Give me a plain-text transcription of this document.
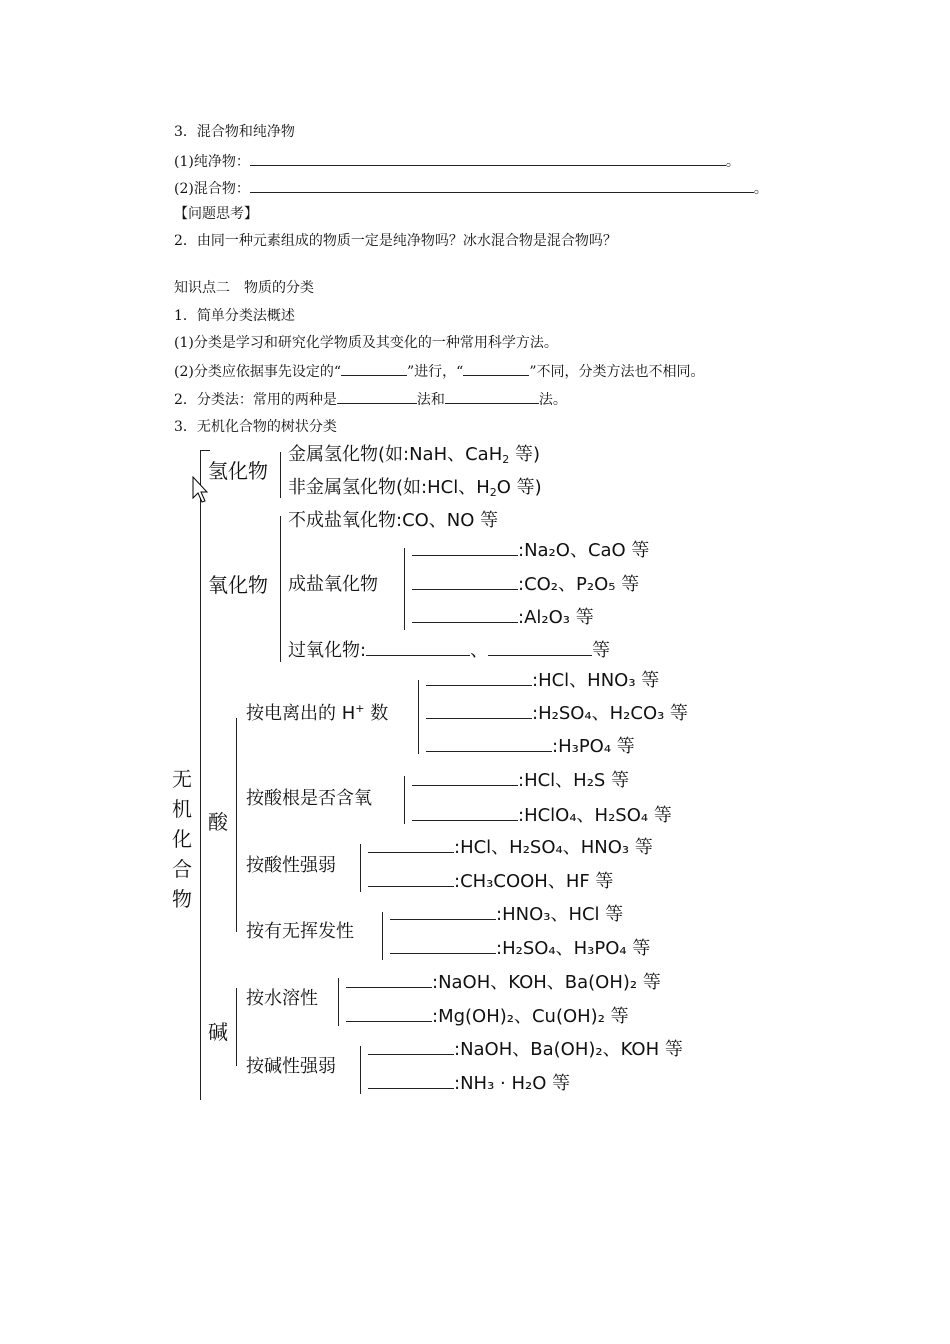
3．混合物和纯净物
(1)纯净物：	。
(2)混合物：	。
【问题思考】
2．由同一种元素组成的物质一定是纯净物吗？冰水混合物是混合物吗？
知识点二　物质的分类
1．简单分类法概述
(1)分类是学习和研究化学物质及其变化的一种常用科学方法。
(2)分类应依据事先设定的“	”进行，“	”不同，分类方法也不相同。
2．分类法：常用的两种是	法和	法。
3．无机化合物的树状分类
无
机
化
合
物
氢化物
金属氢化物(如:NaH、CaH$_2$ 等)
非金属氢化物(如:HCl、$H_2O$ 等)
氧化物
不成盐氧化物:CO、NO 等
成盐氧化物
:Na₂O、CaO 等
:CO₂、P₂O₅ 等
:Al₂O₃ 等
过氧化物:	、	等
酸
按电离出的 H+ 数
:HCl、HNO₃ 等
:H₂SO₄、H₂CO₃ 等
:H₃PO₄ 等
按酸根是否含氧
:HCl、H₂S 等
:HClO₄、H₂SO₄ 等
按酸性强弱
:HCl、H₂SO₄、HNO₃ 等
:CH₃COOH、HF 等
按有无挥发性
:HNO₃、HCl 等
:H₂SO₄、H₃PO₄ 等
碱
按水溶性
:NaOH、KOH、Ba(OH)₂ 等
:Mg(OH)₂、Cu(OH)₂ 等
按碱性强弱
:NaOH、Ba(OH)₂、KOH 等
:NH₃ · H₂O 等
